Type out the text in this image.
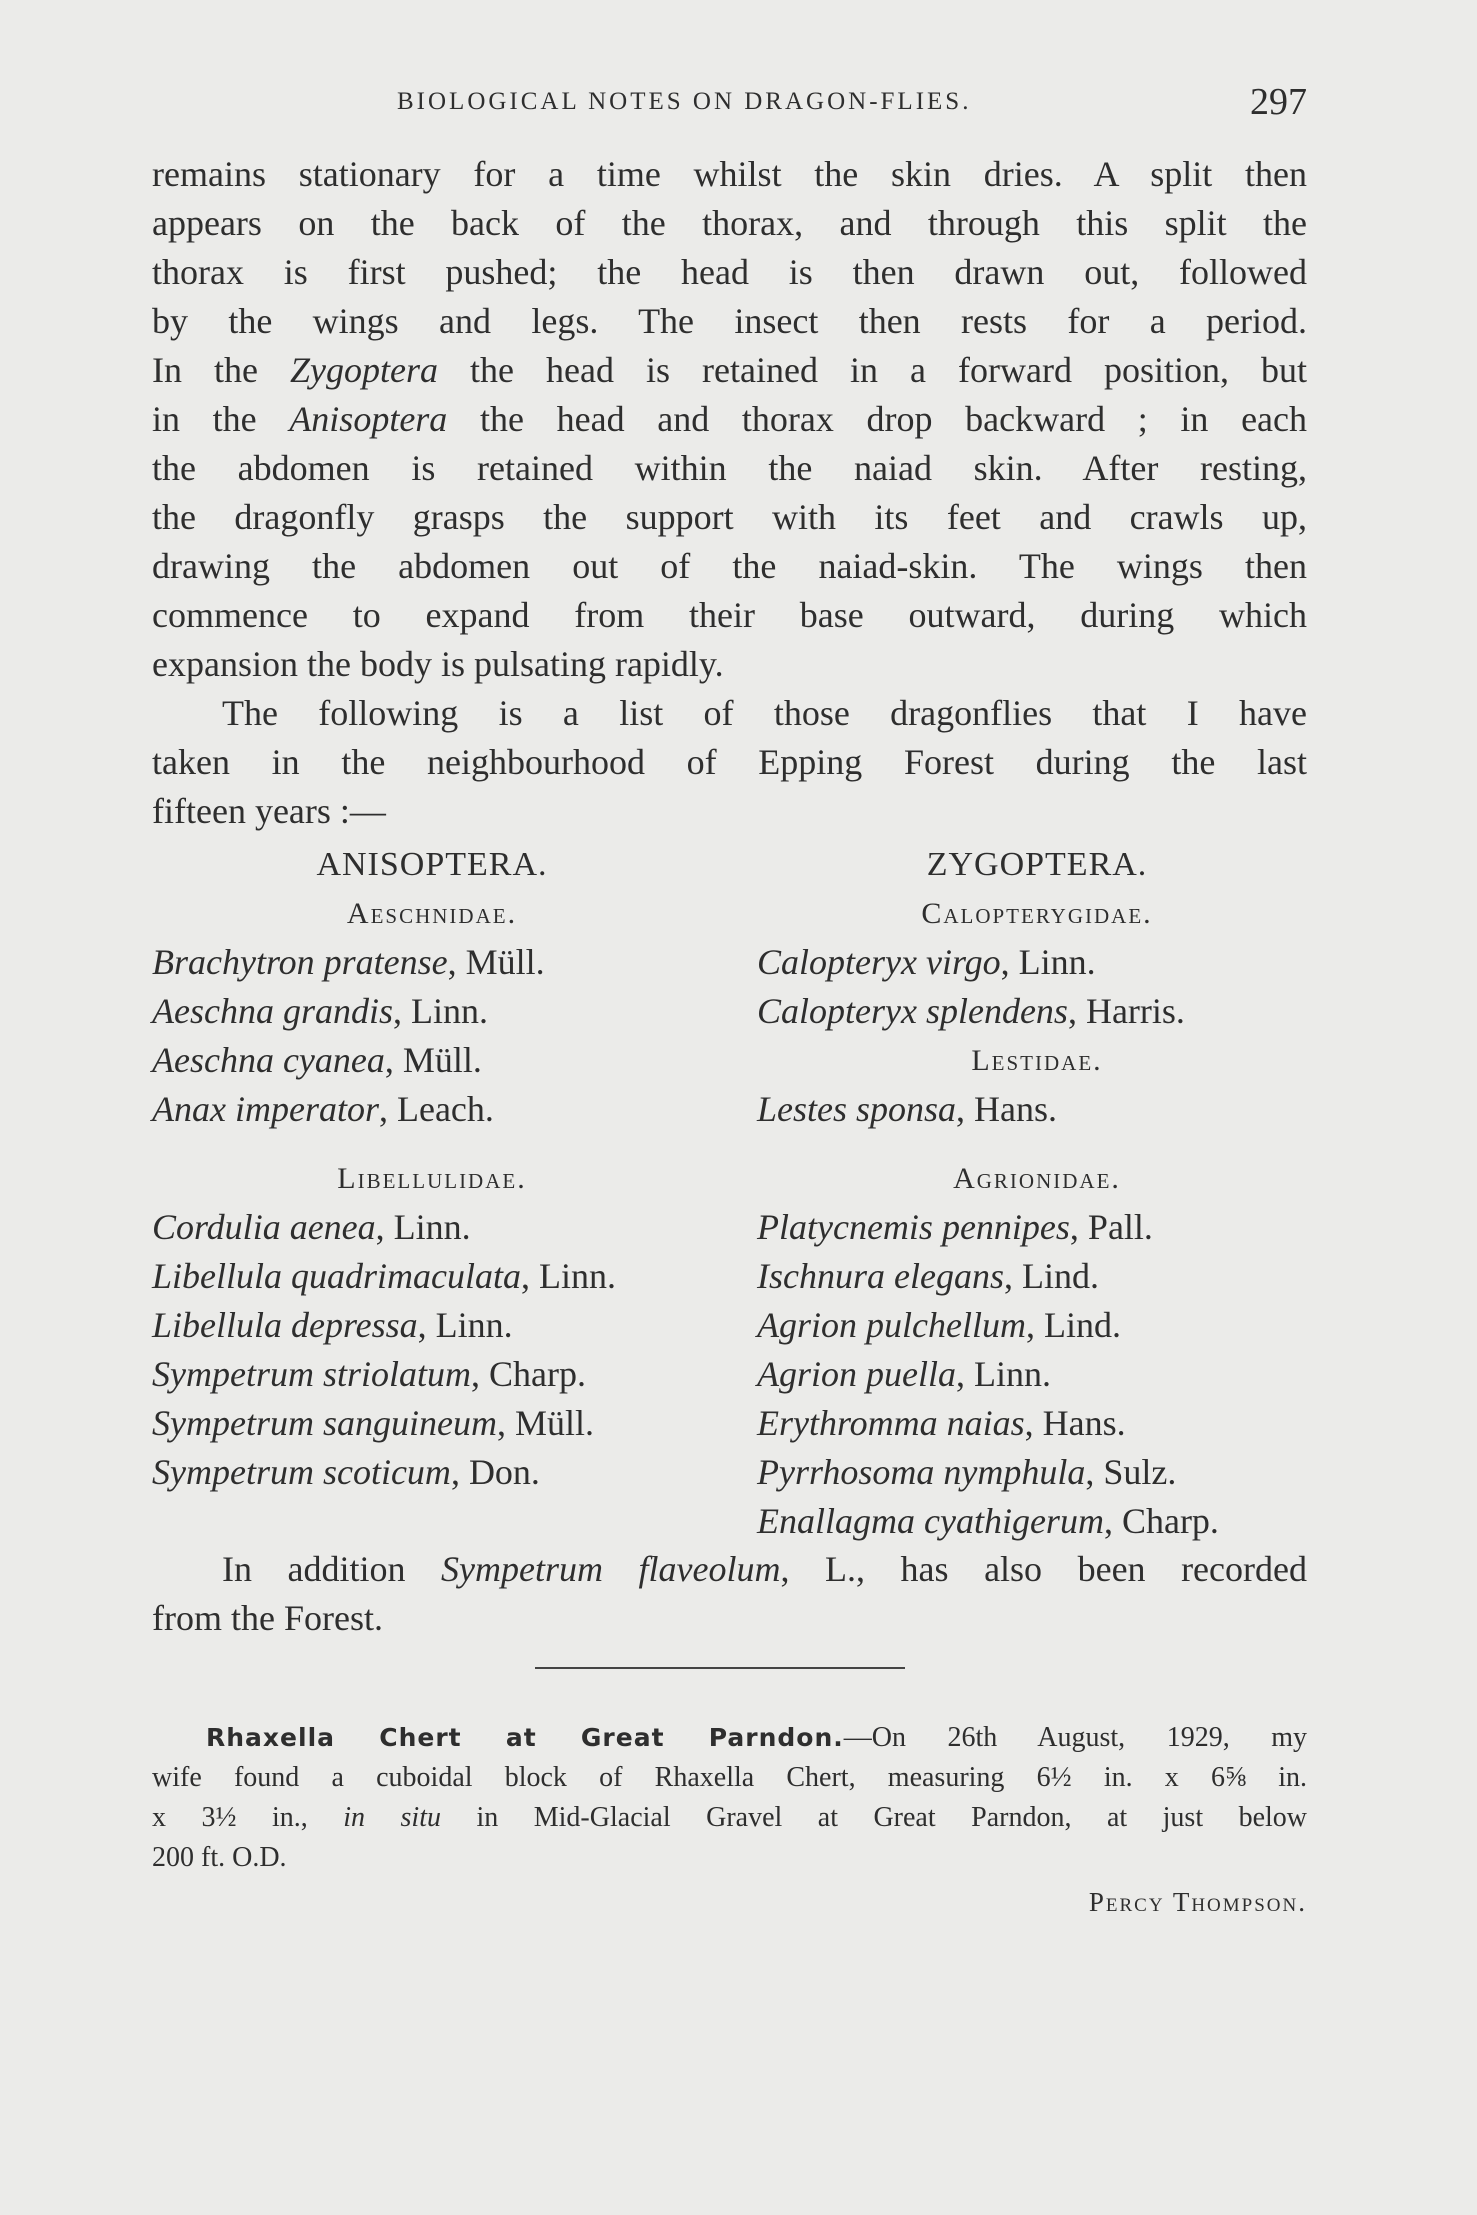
BIOLOGICAL NOTES ON DRAGON-FLIES.	297
remains stationary for a time whilst the skin dries. A split then
appears on the back of the thorax, and through this split the
thorax is first pushed; the head is then drawn out, followed
by the wings and legs. The insect then rests for a period.
In the Zygoptera the head is retained in a forward position, but
in the Anisoptera the head and thorax drop backward ; in each
the abdomen is retained within the naiad skin. After resting,
the dragonfly grasps the support with its feet and crawls up,
drawing the abdomen out of the naiad-skin. The wings then
commence to expand from their base outward, during which
expansion the body is pulsating rapidly.
The following is a list of those dragonflies that I have
taken in the neighbourhood of Epping Forest during the last
fifteen years :—
ANISOPTERA.
Aeschnidae.
Brachytron pratense, Müll.
Aeschna grandis, Linn.
Aeschna cyanea, Müll.
Anax imperator, Leach.
Libellulidae.
Cordulia aenea, Linn.
Libellula quadrimaculata, Linn.
Libellula depressa, Linn.
Sympetrum striolatum, Charp.
Sympetrum sanguineum, Müll.
Sympetrum scoticum, Don.
ZYGOPTERA.
Calopterygidae.
Calopteryx virgo, Linn.
Calopteryx splendens, Harris.
Lestidae.
Lestes sponsa, Hans.
Agrionidae.
Platycnemis pennipes, Pall.
Ischnura elegans, Lind.
Agrion pulchellum, Lind.
Agrion puella, Linn.
Erythromma naias, Hans.
Pyrrhosoma nymphula, Sulz.
Enallagma cyathigerum, Charp.
In addition Sympetrum flaveolum, L., has also been recorded
from the Forest.
Rhaxella Chert at Great Parndon.—On 26th August, 1929, my
wife found a cuboidal block of Rhaxella Chert, measuring 6½ in. x 6⅝ in.
x 3½ in., in situ in Mid-Glacial Gravel at Great Parndon, at just below
200 ft. O.D.
Percy Thompson.
